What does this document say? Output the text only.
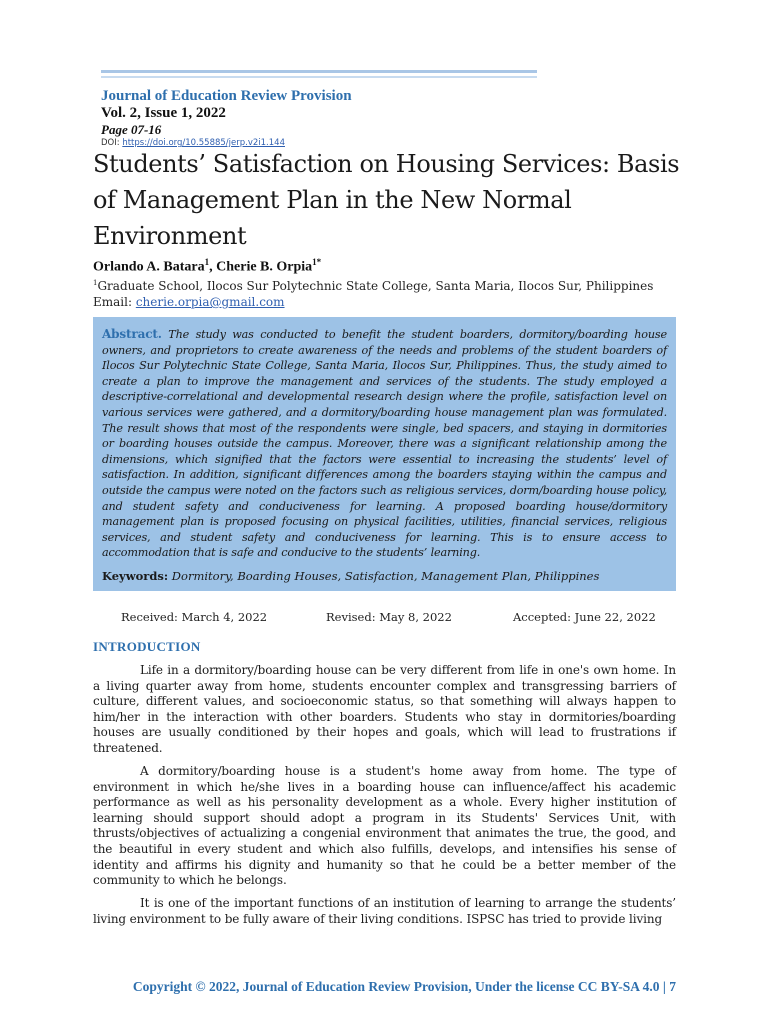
Journal of Education Review Provision
Vol. 2, Issue 1, 2022
Page 07-16
DOI: https://doi.org/10.55885/jerp.v2i1.144
Students’ Satisfaction on Housing Services: Basis of Management Plan in the New Normal Environment
Orlando A. Batara$^1$, Cherie B. Orpia$^{1*}$
$^1$Graduate School, Ilocos Sur Polytechnic State College, Santa Maria, Ilocos Sur, Philippines
Email: cherie.orpia@gmail.com

Abstract. The study was conducted to benefit the student boarders, dormitory/boarding house owners, and proprietors to create awareness of the needs and problems of the student boarders of Ilocos Sur Polytechnic State College, Santa Maria, Ilocos Sur, Philippines. Thus, the study aimed to create a plan to improve the management and services of the students. The study employed a descriptive-correlational and developmental research design where the profile, satisfaction level on various services were gathered, and a dormitory/boarding house management plan was formulated. The result shows that most of the respondents were single, bed spacers, and staying in dormitories or boarding houses outside the campus. Moreover, there was a significant relationship among the dimensions, which signified that the factors were essential to increasing the students’ level of satisfaction. In addition, significant differences among the boarders staying within the campus and outside the campus were noted on the factors such as religious services, dorm/boarding house policy, and student safety and conduciveness for learning. A proposed boarding house/dormitory management plan is proposed focusing on physical facilities, utilities, financial services, religious services, and student safety and conduciveness for learning. This is to ensure access to accommodation that is safe and conducive to the students’ learning.

Keywords: Dormitory, Boarding Houses, Satisfaction, Management Plan, Philippines
Received: March 4, 2022	Revised: May 8, 2022	Accepted: June 22, 2022
INTRODUCTION

Life in a dormitory/boarding house can be very different from life in one's own home. In a living quarter away from home, students encounter complex and transgressing barriers of culture, different values, and socioeconomic status, so that something will always happen to him/her in the interaction with other boarders. Students who stay in dormitories/boarding houses are usually conditioned by their hopes and goals, which will lead to frustrations if threatened.

A dormitory/boarding house is a student's home away from home. The type of environment in which he/she lives in a boarding house can influence/affect his academic performance as well as his personality development as a whole. Every higher institution of learning should support should adopt a program in its Students' Services Unit, with thrusts/objectives of actualizing a congenial environment that animates the true, the good, and the beautiful in every student and which also fulfills, develops, and intensifies his sense of identity and affirms his dignity and humanity so that he could be a better member of the community to which he belongs.

It is one of the important functions of an institution of learning to arrange the students’ living environment to be fully aware of their living conditions. ISPSC has tried to provide living

Copyright © 2022, Journal of Education Review Provision, Under the license CC BY-SA 4.0 | 7
